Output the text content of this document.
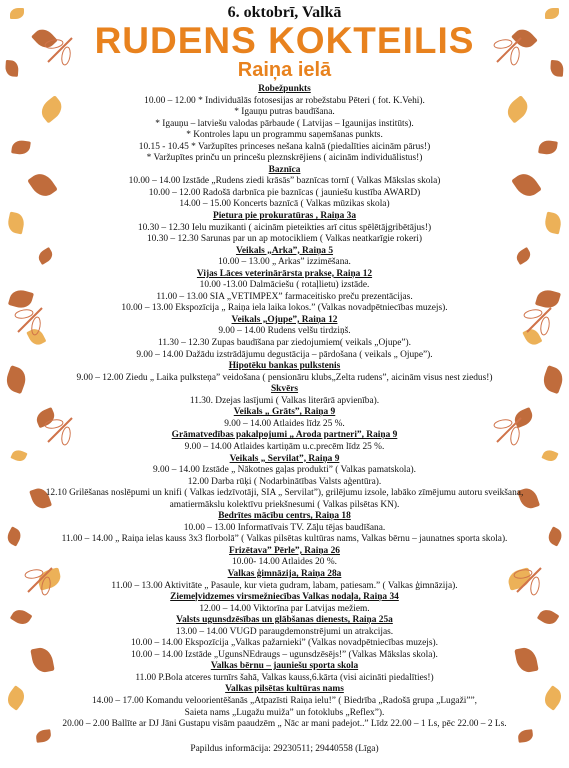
6. oktobrī, Valkā
RUDENS KOKTEILIS
Raiņa ielā
Robežpunkts
10.00 – 12.00 * Individuālās fotosesijas ar robežstabu Pēteri ( fot. K.Vehi).
* Igauņu putras baudīšana.
* Igauņu – latviešu valodas pārbaude ( Latvijas – Igaunijas institūts).
* Kontroles lapu un programmu saņemšanas punkts.
10.15 - 10.45 * Varžupītes princeses nešana kalnā (piedalīties aicinām pārus!)
* Varžupītes prinču un princešu pleznskrējiens ( aicinām individuālistus!)
Baznīca
10.00 – 14.00 Izstāde „Rudens ziedi krāsās” baznīcas tornī ( Valkas Mākslas skola)
10.00 – 12.00 Radošā darbnīca pie baznīcas ( jauniešu kustība AWARD)
14.00 – 15.00 Koncerts baznīcā ( Valkas mūzikas skola)
Pietura pie prokuratūras , Raiņa 3a
10.30 – 12.30 Ielu muzikanti ( aicinām pieteikties arī citus spēlētājgribētājus!)
10.30 – 12.30 Sarunas par un ap motocikliem ( Valkas neatkarīgie rokeri)
Veikals „Arka”, Raiņa 5
10.00 – 13.00 „ Arkas” izzimēšana.
Vijas Lāces veterinārārsta prakse, Raiņa 12
10.00 -13.00 Dalmāciešu ( rotaļlietu) izstāde.
11.00 – 13.00 SIA „VETIMPEX” farmaceitisko preču prezentācijas.
10.00 – 13.00 Ekspozīcija „ Raiņa iela laika lokos.” (Valkas novadpētniecības muzejs).
Veikals „Ojupe”, Raiņa 12
9.00 – 14.00 Rudens velšu tirdziņš.
11.30 – 12.30 Zupas baudīšana par ziedojumiem( veikals „Ojupe”).
9.00 – 14.00 Dažādu izstrādājumu degustācija – pārdošana ( veikals „ Ojupe”).
Hipotēku bankas pulkstenis
9.00 – 12.00 Ziedu „ Laika pulksteņa” veidošana ( pensionāru klubs„Zelta rudens”, aicinām visus nest ziedus!)
Skvērs
11.30. Dzejas lasījumi ( Valkas literārā apvienība).
Veikals „ Grāts”, Raiņa 9
9.00 – 14.00 Atlaides līdz 25 %.
Grāmatvedības pakalpojumi „ Aroda partneri”, Raiņa 9
9.00 – 14.00 Atlaides kartiņām u.c.precēm līdz 25 %.
Veikals „ Servilat”, Raiņa 9
9.00 – 14.00 Izstāde „ Nākotnes gaļas produkti” ( Valkas pamatskola).
12.00 Darba rūķi ( Nodarbinātības Valsts aģentūra).
12.10 Grilēšanas noslēpumi un knifi ( Valkas iedzīvotāji, SIA „ Servilat”), grilējumu izsole, labāko zīmējumu autoru sveikšana,
amatiermākslu kolektīvu priekšnesumi ( Valkas pilsētas KN).
Bedrītes mācību centrs, Raiņa 18
10.00 – 13.00 Informatīvais TV. Zāļu tējas baudīšana.
11.00 – 14.00 „ Raiņa ielas kauss 3x3 florbolā” ( Valkas pilsētas kultūras nams, Valkas bērnu – jaunatnes sporta skola).
Frizētava” Pērle”, Raiņa 26
10.00- 14.00 Atlaides 20 %.
Valkas ģimnāzija, Raiņa 28a
11.00 – 13.00 Aktivitāte „ Pasaule, kur vieta gudram, labam, patiesam.” ( Valkas ģimnāzija).
Ziemeļvidzemes virsmežniecības Valkas nodaļa, Raiņa 34
12.00 – 14.00 Viktorīna par Latvijas mežiem.
Valsts ugunsdzēsības un glābšanas dienests, Raiņa 25a
13.00 – 14.00 VUGD paraugdemonstrējumi un atrakcijas.
10.00 – 14.00 Ekspozīcija „Valkas pažarnieki” (Valkas novadpētniecības muzejs).
10.00 – 14.00 Izstāde „UgunsNEdraugs – ugunsdzēsējs!” (Valkas Mākslas skola).
Valkas bērnu – jauniešu sporta skola
11.00 P.Bola atceres turnīrs šahā, Valkas kauss,6.kārta (visi aicināti piedalīties!)
Valkas pilsētas kultūras nams
14.00 – 17.00 Komandu veloorientēšanās „Atpazīsti Raiņa ielu!” ( Biedrība „Radošā grupa „Lugaži””,
Saieta nams „Lugažu muiža” un fotoklubs „Reflex”).
20.00 – 2.00 Ballīte ar DJ Jāni Gustapu visām paaudzēm „ Nāc ar mani padejot..” Līdz 22.00 – 1 Ls, pēc 22.00 – 2 Ls.
Papildus informācija: 29230511; 29440558 (Līga)
